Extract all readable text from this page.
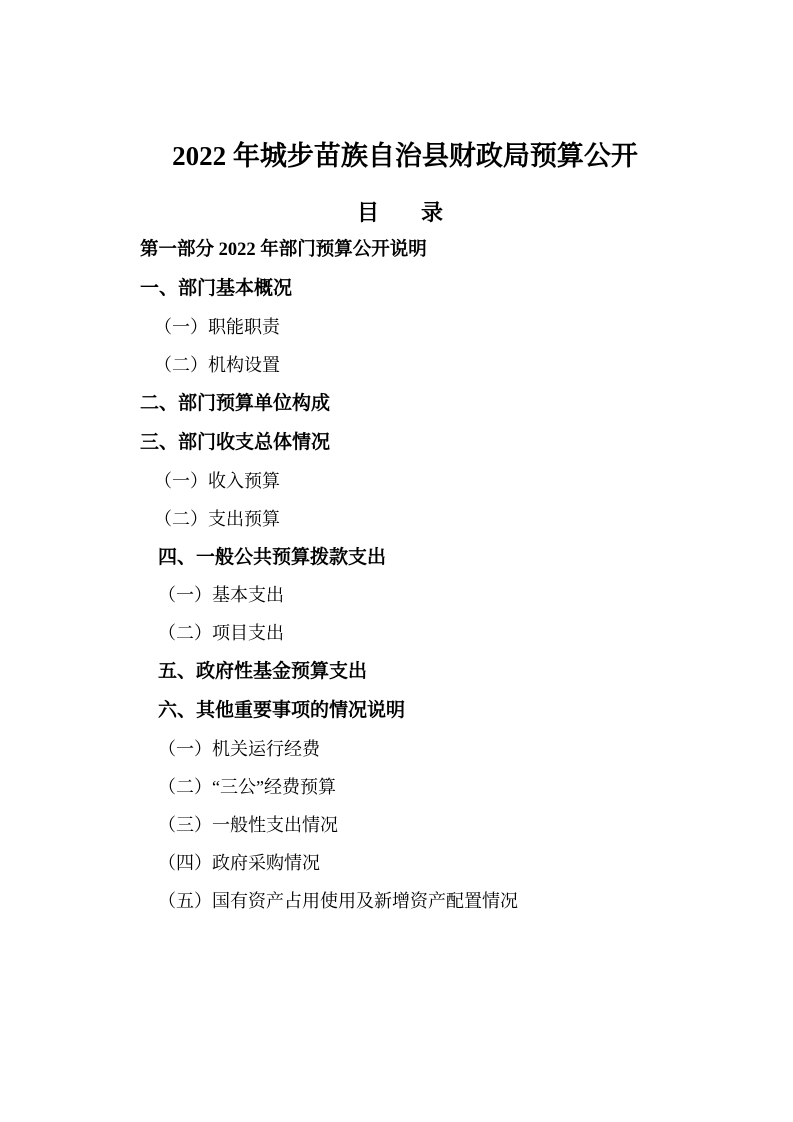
2022 年城步苗族自治县财政局预算公开
目　录
第一部分 2022 年部门预算公开说明
一、部门基本概况
（一）职能职责
（二）机构设置
二、部门预算单位构成
三、部门收支总体情况
（一）收入预算
（二）支出预算
四、一般公共预算拨款支出
（一）基本支出
（二）项目支出
五、政府性基金预算支出
六、其他重要事项的情况说明
（一）机关运行经费
（二）“三公”经费预算
（三）一般性支出情况
（四）政府采购情况
（五）国有资产占用使用及新增资产配置情况
